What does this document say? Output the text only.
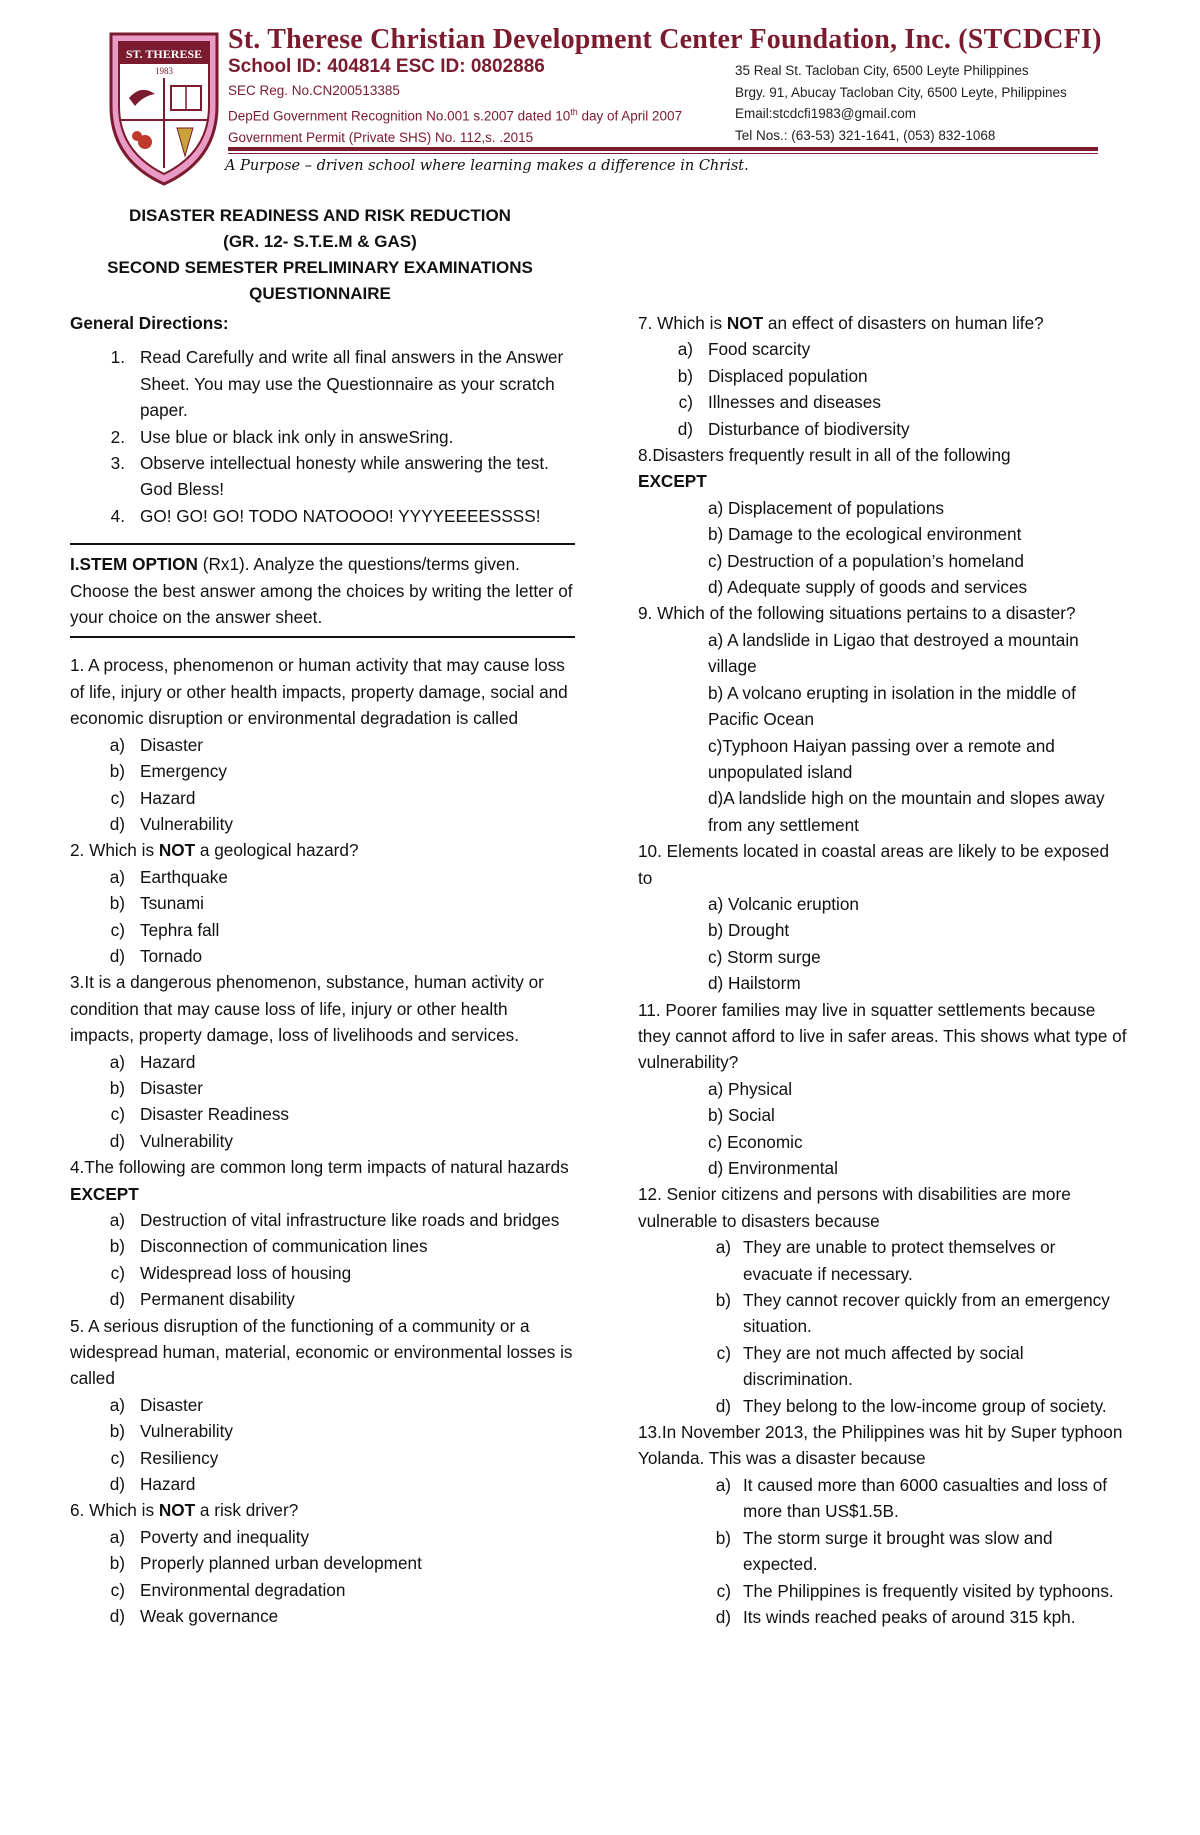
ST. THERESE
1983
St. Therese Christian Development Center Foundation, Inc. (STCDCFI)
School ID: 404814 ESC ID: 0802886
SEC Reg. No.CN200513385
DepEd Government Recognition No.001 s.2007 dated 10th day of April 2007
Government Permit (Private SHS) No. 112,s. .2015
35 Real St. Tacloban City, 6500 Leyte Philippines
Brgy. 91, Abucay Tacloban City, 6500 Leyte, Philippines
Email:stcdcfi1983@gmail.com
Tel Nos.: (63-53) 321-1641, (053) 832-1068
A Purpose – driven school where learning makes a difference in Christ.
DISASTER READINESS AND RISK REDUCTION
(GR. 12- S.T.E.M & GAS)
SECOND SEMESTER PRELIMINARY EXAMINATIONS
QUESTIONNAIRE

General Directions:

1. Read Carefully and write all final answers in the Answer Sheet. You may use the Questionnaire as your scratch paper.
2. Use blue or black ink only in answeSring.
3. Observe intellectual honesty while answering the test. God Bless!
4. GO! GO! GO! TODO NATOOOO! YYYYEEEESSSS!

I.STEM OPTION (Rx1). Analyze the questions/terms given. Choose the best answer among the choices by writing the letter of your choice on the answer sheet.

1. A process, phenomenon or human activity that may cause loss of life, injury or other health impacts, property damage, social and economic disruption or environmental degradation is called

a) Disaster
b) Emergency
c) Hazard
d) Vulnerability

2. Which is NOT a geological hazard?

a) Earthquake
b) Tsunami
c) Tephra fall
d) Tornado

3.It is a dangerous phenomenon, substance, human activity or condition that may cause loss of life, injury or other health impacts, property damage, loss of livelihoods and services.

a) Hazard
b) Disaster
c) Disaster Readiness
d) Vulnerability

4.The following are common long term impacts of natural hazards EXCEPT

a) Destruction of vital infrastructure like roads and bridges
b) Disconnection of communication lines
c) Widespread loss of housing
d) Permanent disability

5. A serious disruption of the functioning of a community or a widespread human, material, economic or environmental losses is called

a) Disaster
b) Vulnerability
c) Resiliency
d) Hazard

6. Which is NOT a risk driver?

a) Poverty and inequality
b) Properly planned urban development
c) Environmental degradation
d) Weak governance

7. Which is NOT an effect of disasters on human life?

a) Food scarcity
b) Displaced population
c) Illnesses and diseases
d) Disturbance of biodiversity

8.Disasters frequently result in all of the following

EXCEPT

a) Displacement of populations

b) Damage to the ecological environment

c) Destruction of a population’s homeland

d) Adequate supply of goods and services

9. Which of the following situations pertains to a disaster?

a) A landslide in Ligao that destroyed a mountain village

b) A volcano erupting in isolation in the middle of Pacific Ocean

c)Typhoon Haiyan passing over a remote and unpopulated island

d)A landslide high on the mountain and slopes away from any settlement

10. Elements located in coastal areas are likely to be exposed to

a) Volcanic eruption

b) Drought

c) Storm surge

d) Hailstorm

11. Poorer families may live in squatter settlements because they cannot afford to live in safer areas. This shows what type of vulnerability?

a) Physical

b) Social

c) Economic

d) Environmental

12. Senior citizens and persons with disabilities are more vulnerable to disasters because

a) They are unable to protect themselves or evacuate if necessary.
b) They cannot recover quickly from an emergency situation.
c) They are not much affected by social discrimination.
d) They belong to the low-income group of society.

13.In November 2013, the Philippines was hit by Super typhoon Yolanda. This was a disaster because

a) It caused more than 6000 casualties and loss of more than US$1.5B.
b) The storm surge it brought was slow and expected.
c) The Philippines is frequently visited by typhoons.
d) Its winds reached peaks of around 315 kph.
